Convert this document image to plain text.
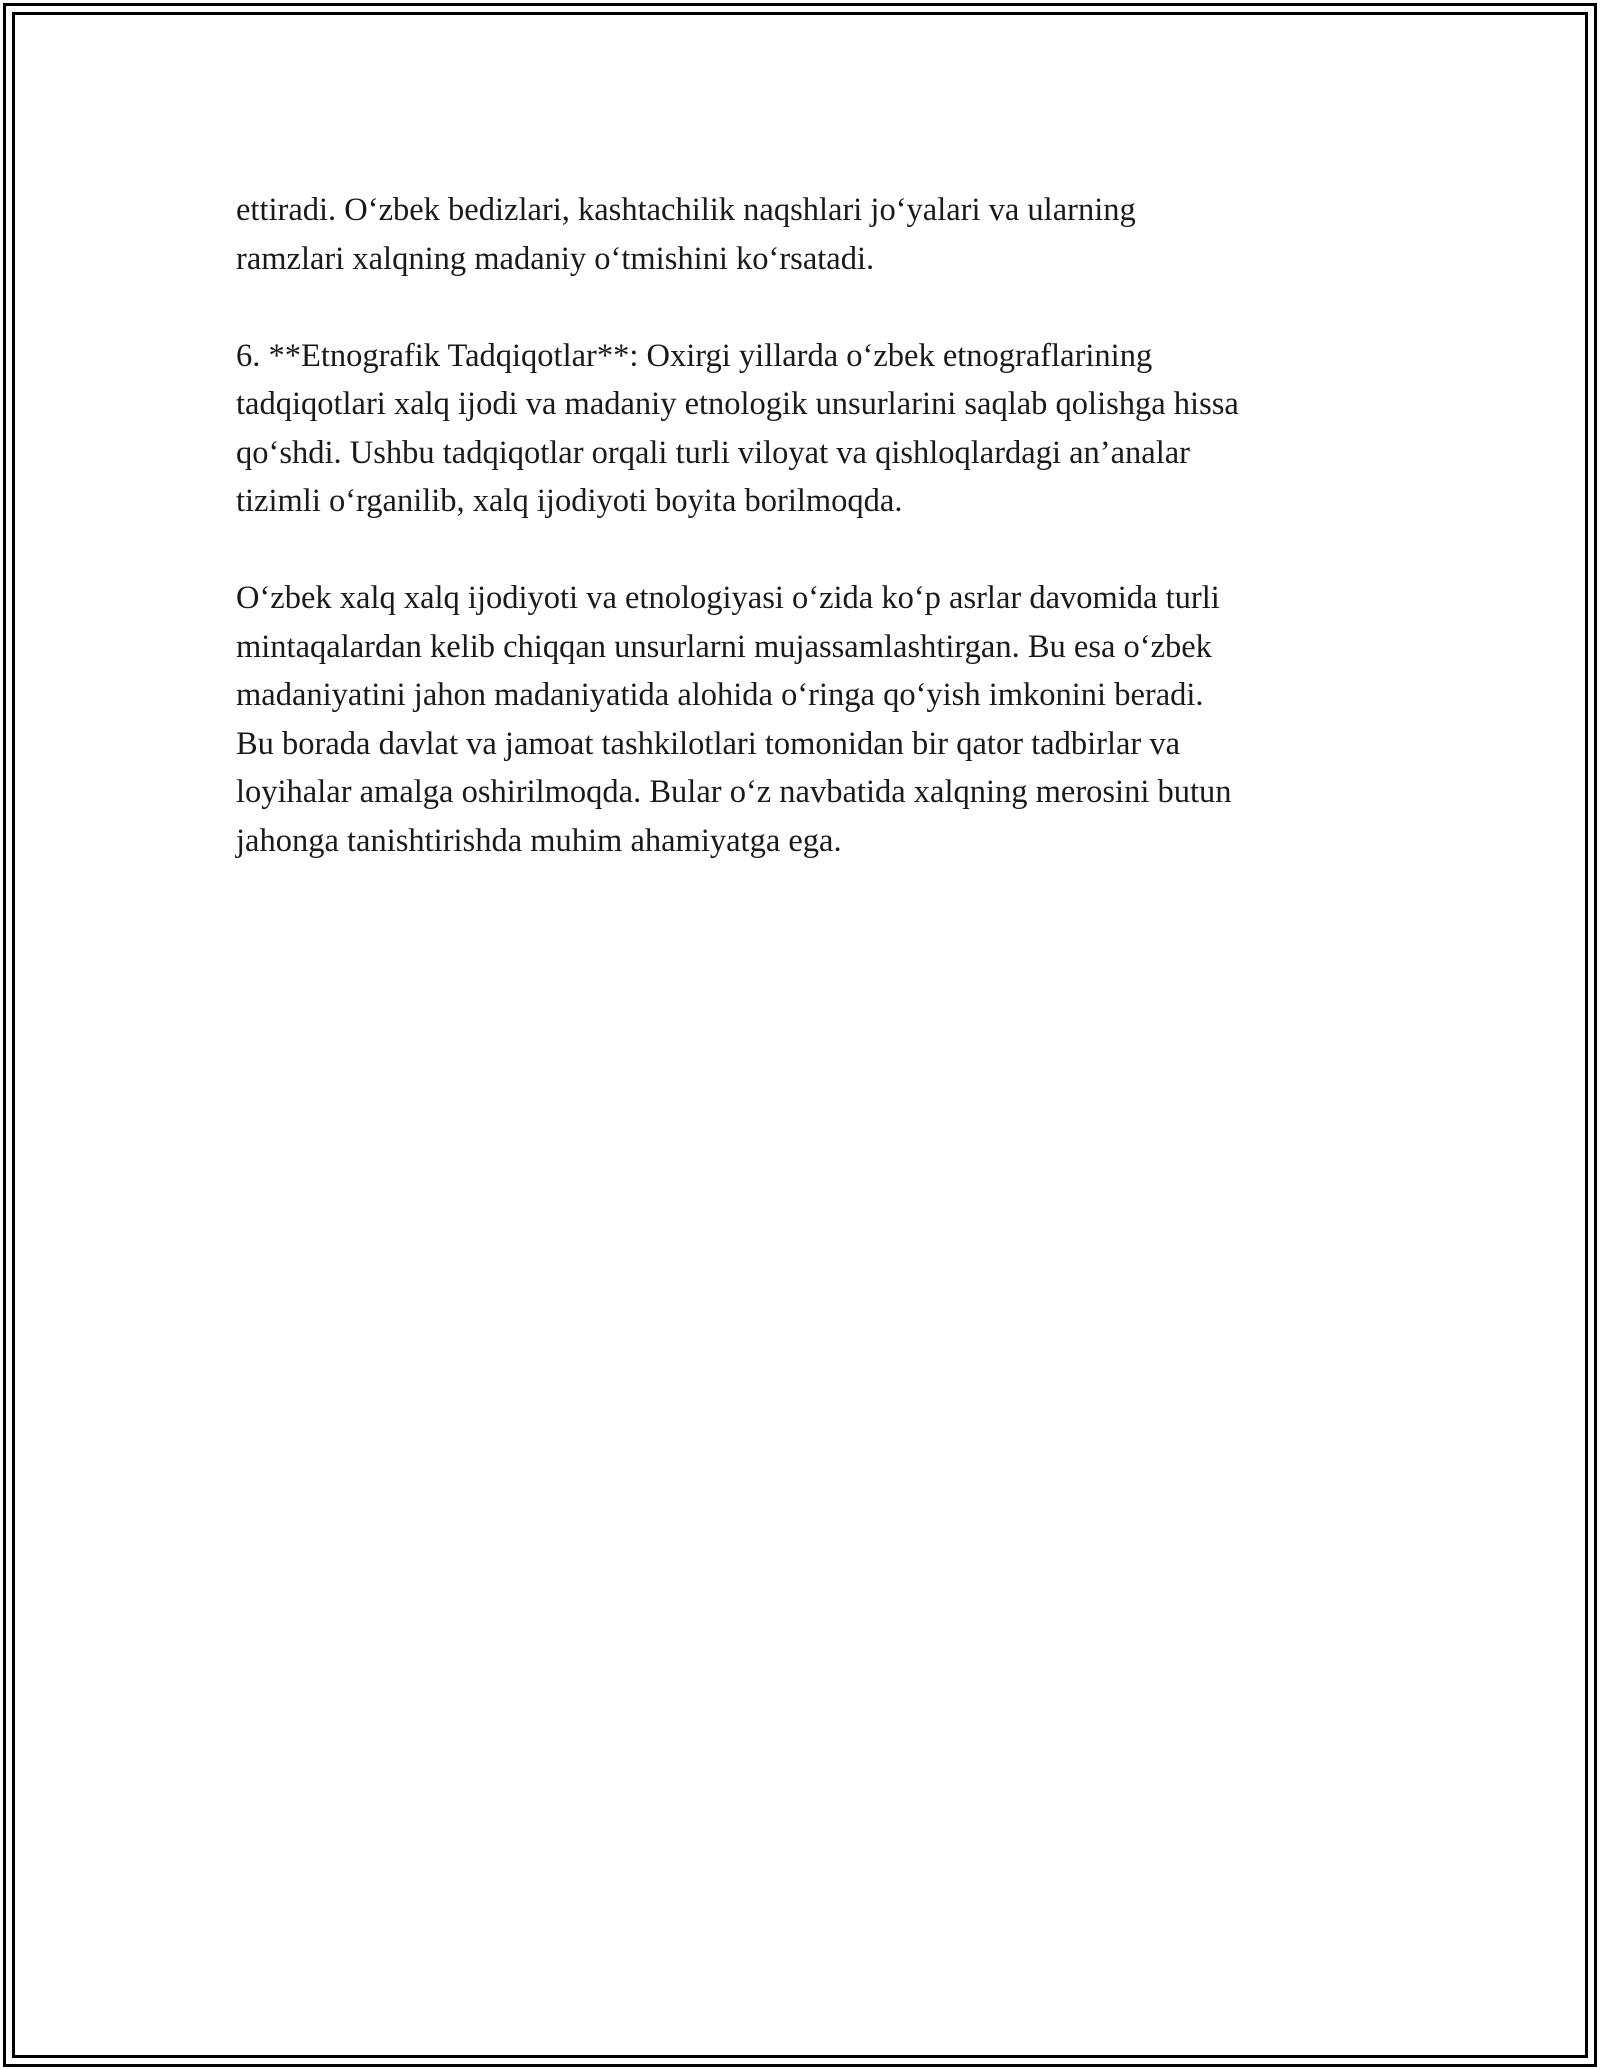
ettiradi. O‘zbek bedizlari, kashtachilik naqshlari jo‘yalari va ularning
ramzlari xalqning madaniy o‘tmishini ko‘rsatadi.

6. **Etnografik Tadqiqotlar**: Oxirgi yillarda o‘zbek etnograflarining
tadqiqotlari xalq ijodi va madaniy etnologik unsurlarini saqlab qolishga hissa
qo‘shdi. Ushbu tadqiqotlar orqali turli viloyat va qishloqlardagi an’analar
tizimli o‘rganilib, xalq ijodiyoti boyita borilmoqda.

O‘zbek xalq xalq ijodiyoti va etnologiyasi o‘zida ko‘p asrlar davomida turli
mintaqalardan kelib chiqqan unsurlarni mujassamlashtirgan. Bu esa o‘zbek
madaniyatini jahon madaniyatida alohida o‘ringa qo‘yish imkonini beradi.
Bu borada davlat va jamoat tashkilotlari tomonidan bir qator tadbirlar va
loyihalar amalga oshirilmoqda. Bular o‘z navbatida xalqning merosini butun
jahonga tanishtirishda muhim ahamiyatga ega.
